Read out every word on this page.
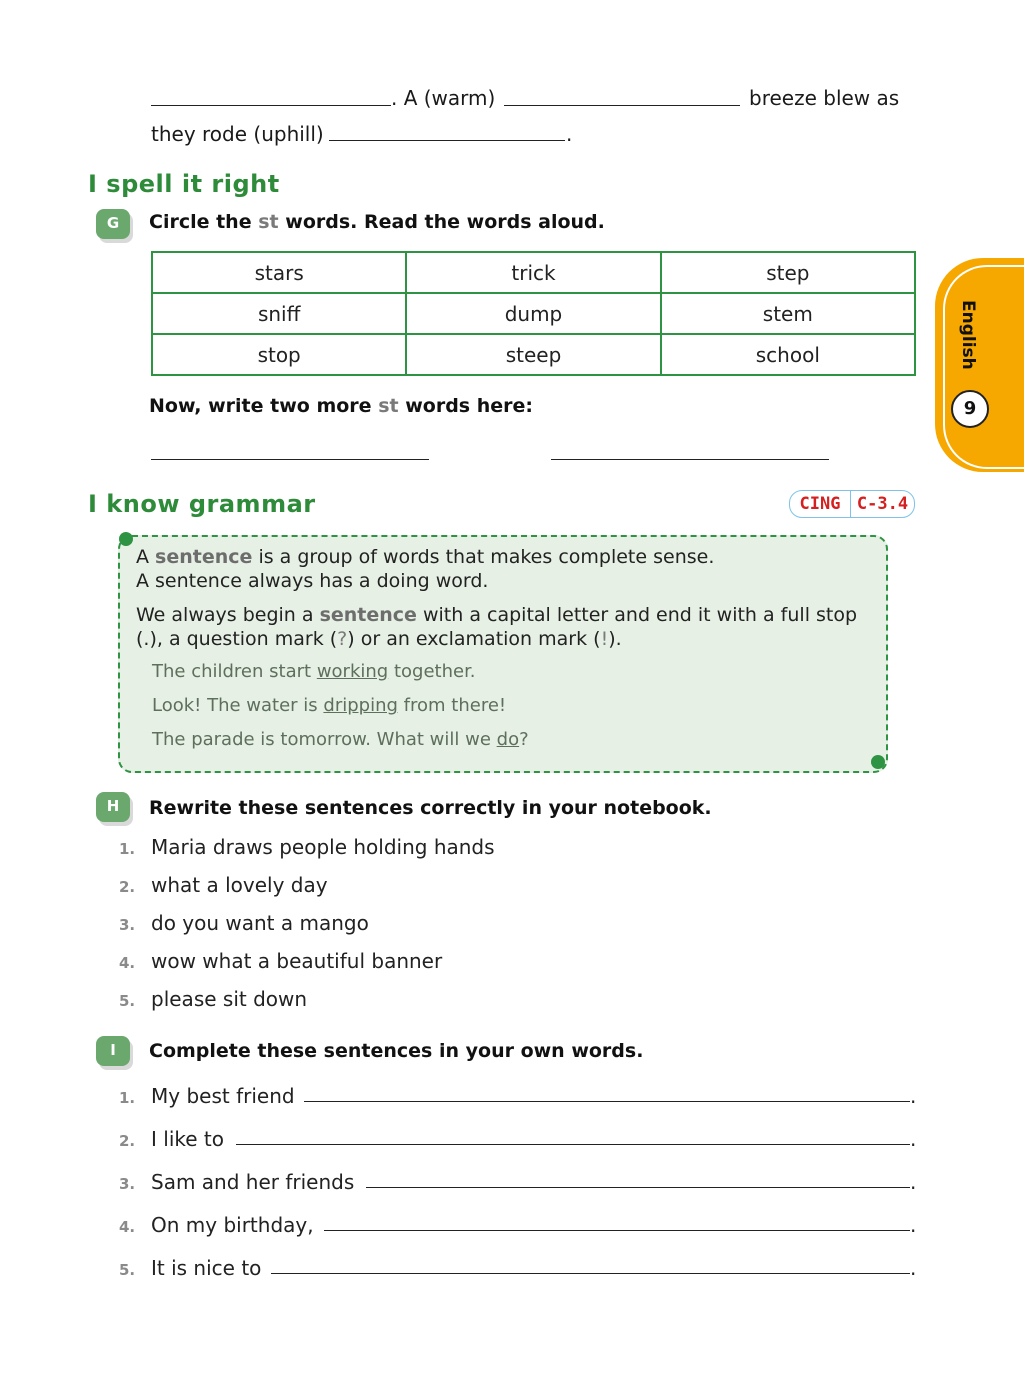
. A (warm)	breeze blew as
they rode (uphill)	.
I spell it right
G	Circle the st words. Read the words aloud.
stars	trick	step
sniff	dump	stem
stop	steep	school
Now, write two more st words here:
English
9
I know grammar	CING C-3.4
A sentence is a group of words that makes complete sense.
A sentence always has a doing word.
We always begin a sentence with a capital letter and end it with a full stop
(.), a question mark (?) or an exclamation mark (!).
The children start working together.
Look! The water is dripping from there!
The parade is tomorrow. What will we do?
H	Rewrite these sentences correctly in your notebook.
1. Maria draws people holding hands
2. what a lovely day
3. do you want a mango
4. wow what a beautiful banner
5. please sit down
I	Complete these sentences in your own words.
1. My best friend	.
2. I like to	.
3. Sam and her friends	.
4. On my birthday,	.
5. It is nice to	.
